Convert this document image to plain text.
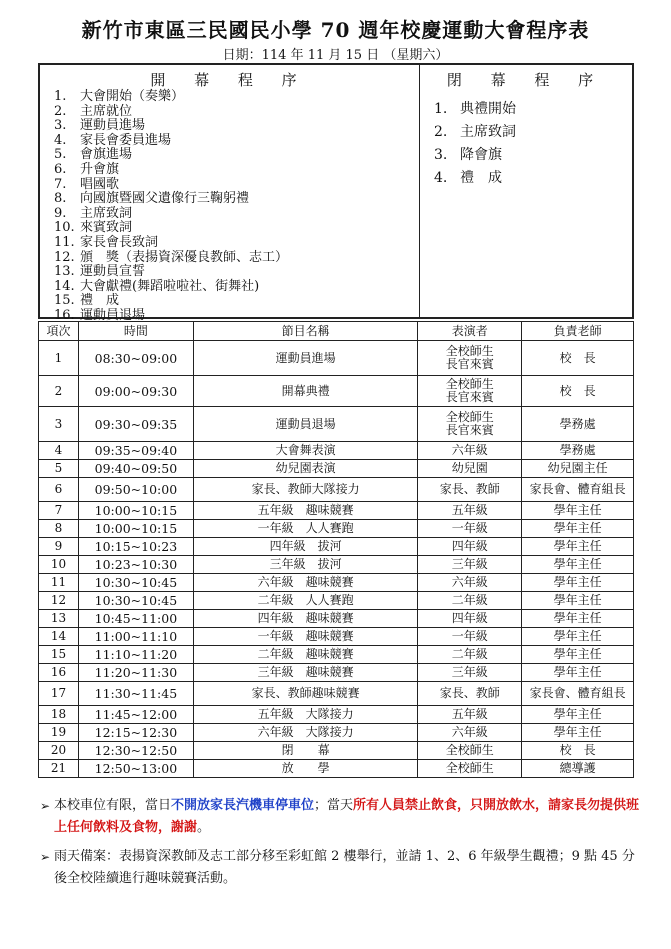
新竹市東區三民國民小學 70 週年校慶運動大會程序表
日期：114 年 11 月 15 日 （星期六）
開 幕 程 序
1. 大會開始（奏樂）
2. 主席就位
3. 運動員進場
4. 家長會委員進場
5. 會旗進場
6. 升會旗
7. 唱國歌
8. 向國旗暨國父遺像行三鞠躬禮
9. 主席致詞
10. 來賓致詞
11. 家長會長致詞
12. 頒　獎（表揚資深優良教師、志工）
13. 運動員宣誓
14. 大會獻禮(舞蹈啦啦社、街舞社)
15. 禮　成
16. 運動員退場
閉 幕 程 序
1. 典禮開始
2. 主席致詞
3. 降會旗
4. 禮　成
項次	時間	節目名稱	表演者	負責老師
1	08:30~09:00	運動員進場	全校師生
長官來賓	校　長
2	09:00~09:30	開幕典禮	全校師生
長官來賓	校　長
3	09:30~09:35	運動員退場	全校師生
長官來賓	學務處
4	09:35~09:40	大會舞表演	六年級	學務處
5	09:40~09:50	幼兒園表演	幼兒園	幼兒園主任
6	09:50~10:00	家長、教師大隊接力	家長、教師	家長會、體育組長
7	10:00~10:15	五年級　趣味競賽	五年級	學年主任
8	10:00~10:15	一年級　人人賽跑	一年級	學年主任
9	10:15~10:23	四年級　拔河	四年級	學年主任
10	10:23~10:30	三年級　拔河	三年級	學年主任
11	10:30~10:45	六年級　趣味競賽	六年級	學年主任
12	10:30~10:45	二年級　人人賽跑	二年級	學年主任
13	10:45~11:00	四年級　趣味競賽	四年級	學年主任
14	11:00~11:10	一年級　趣味競賽	一年級	學年主任
15	11:10~11:20	二年級　趣味競賽	二年級	學年主任
16	11:20~11:30	三年級　趣味競賽	三年級	學年主任
17	11:30~11:45	家長、教師趣味競賽	家長、教師	家長會、體育組長
18	11:45~12:00	五年級　大隊接力	五年級	學年主任
19	12:15~12:30	六年級　大隊接力	六年級	學年主任
20	12:30~12:50	閉　　幕	全校師生	校　長
21	12:50~13:00	放　　學	全校師生	總導護
➢ 本校車位有限，當日不開放家長汽機車停車位；當天所有人員禁止飲食，只開放飲水，請家長勿提供班上任何飲料及食物，謝謝。
➢ 雨天備案：表揚資深教師及志工部分移至彩虹館 2 樓舉行，並請 1、2、6 年級學生觀禮；9 點 45 分後全校陸續進行趣味競賽活動。
